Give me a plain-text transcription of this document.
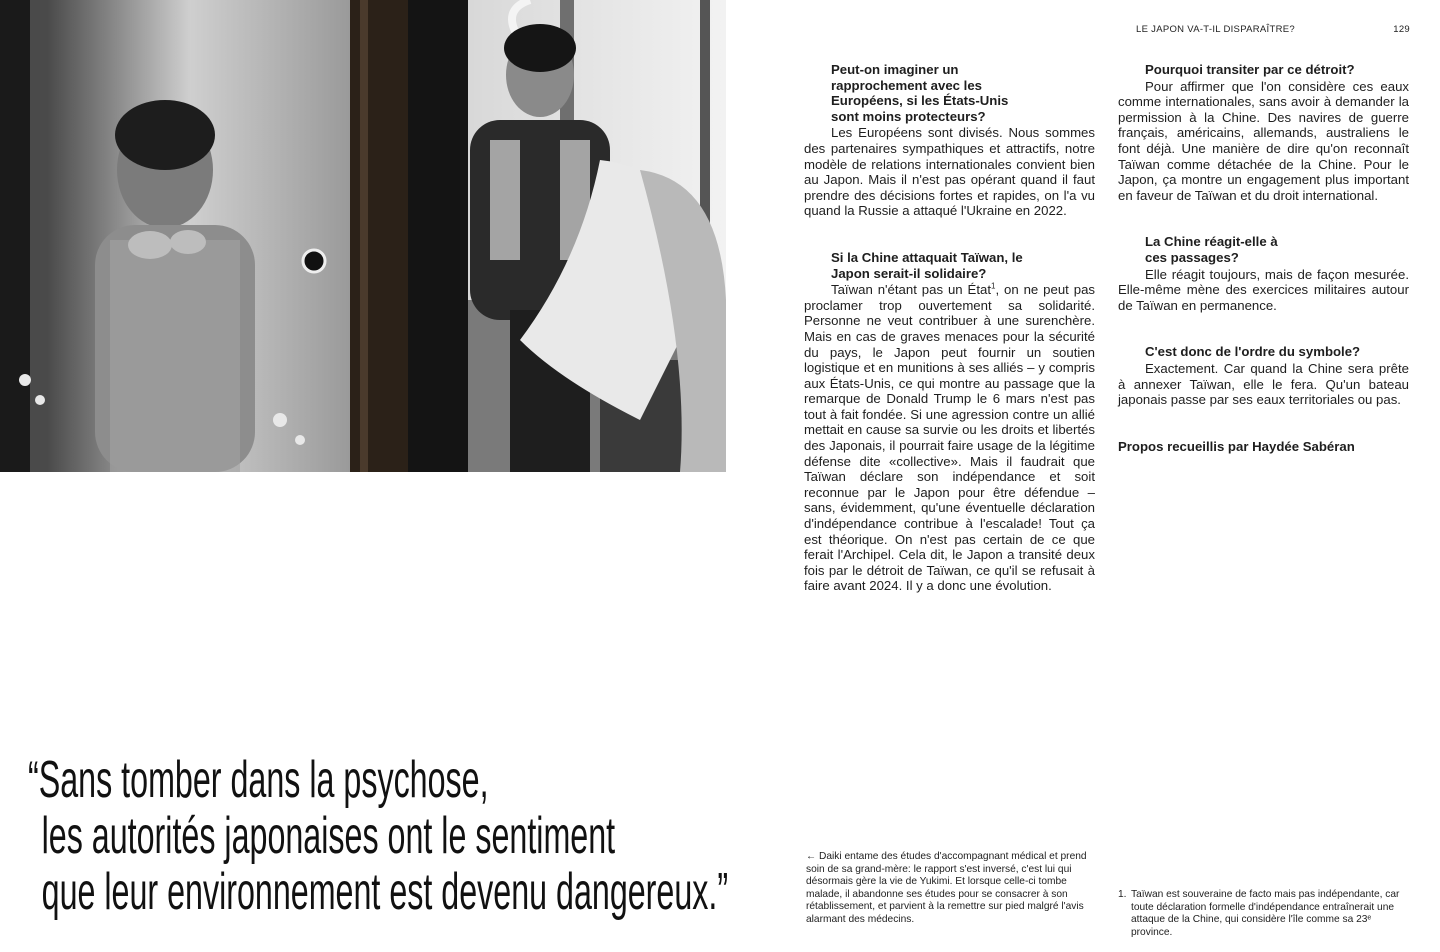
LE JAPON VA-T-IL DISPARAÎTRE?	129

Peut-on imaginer un rapprochement avec les Européens, si les États-Unis sont moins protecteurs?

Les Européens sont divisés. Nous sommes des partenaires sympathiques et attractifs, notre modèle de relations internationales convient bien au Japon. Mais il n'est pas opérant quand il faut prendre des décisions fortes et rapides, on l'a vu quand la Russie a attaqué l'Ukraine en 2022.

Si la Chine attaquait Taïwan, le Japon serait-il solidaire?

Taïwan n'étant pas un État$^1$, on ne peut pas proclamer trop ouvertement sa solidarité. Personne ne veut contribuer à une surenchère. Mais en cas de graves menaces pour la sécurité du pays, le Japon peut fournir un soutien logistique et en munitions à ses alliés – y compris aux États-Unis, ce qui montre au passage que la remarque de Donald Trump le 6 mars n'est pas tout à fait fondée. Si une agression contre un allié mettait en cause sa survie ou les droits et libertés des Japonais, il pourrait faire usage de la légitime défense dite «collective». Mais il faudrait que Taïwan déclare son indépendance et soit reconnue par le Japon pour être défendue – sans, évidemment, qu'une éventuelle déclaration d'indépendance contribue à l'escalade! Tout ça est théorique. On n'est pas certain de ce que ferait l'Archipel. Cela dit, le Japon a transité deux fois par le détroit de Taïwan, ce qu'il se refusait à faire avant 2024. Il y a donc une évolution.

Pourquoi transiter par ce détroit?

Pour affirmer que l'on considère ces eaux comme internationales, sans avoir à demander la permission à la Chine. Des navires de guerre français, américains, allemands, australiens le font déjà. Une manière de dire qu'on reconnaît Taïwan comme détachée de la Chine. Pour le Japon, ça montre un engagement plus important en faveur de Taïwan et du droit international.

La Chine réagit-elle à ces passages?

Elle réagit toujours, mais de façon mesurée. Elle-même mène des exercices militaires autour de Taïwan en permanence.

C'est donc de l'ordre du symbole?

Exactement. Car quand la Chine sera prête à annexer Taïwan, elle le fera. Qu'un bateau japonais passe par ses eaux territoriales ou pas.

Propos recueillis par Haydée Sabéran

“Sans tomber dans la psychose,
les autorités japonaises ont le sentiment
que leur environnement est devenu dangereux.”
← Daiki entame des études d'accompagnant médical et prend soin de sa grand-mère: le rapport s'est inversé, c'est lui qui désormais gère la vie de Yukimi. Et lorsque celle-ci tombe malade, il abandonne ses études pour se consacrer à son rétablissement, et parvient à la remettre sur pied malgré l'avis alarmant des médecins.
1. Taïwan est souveraine de facto mais pas indépendante, car toute déclaration formelle d'indépendance entraînerait une attaque de la Chine, qui considère l'île comme sa 23ᵉ province.
